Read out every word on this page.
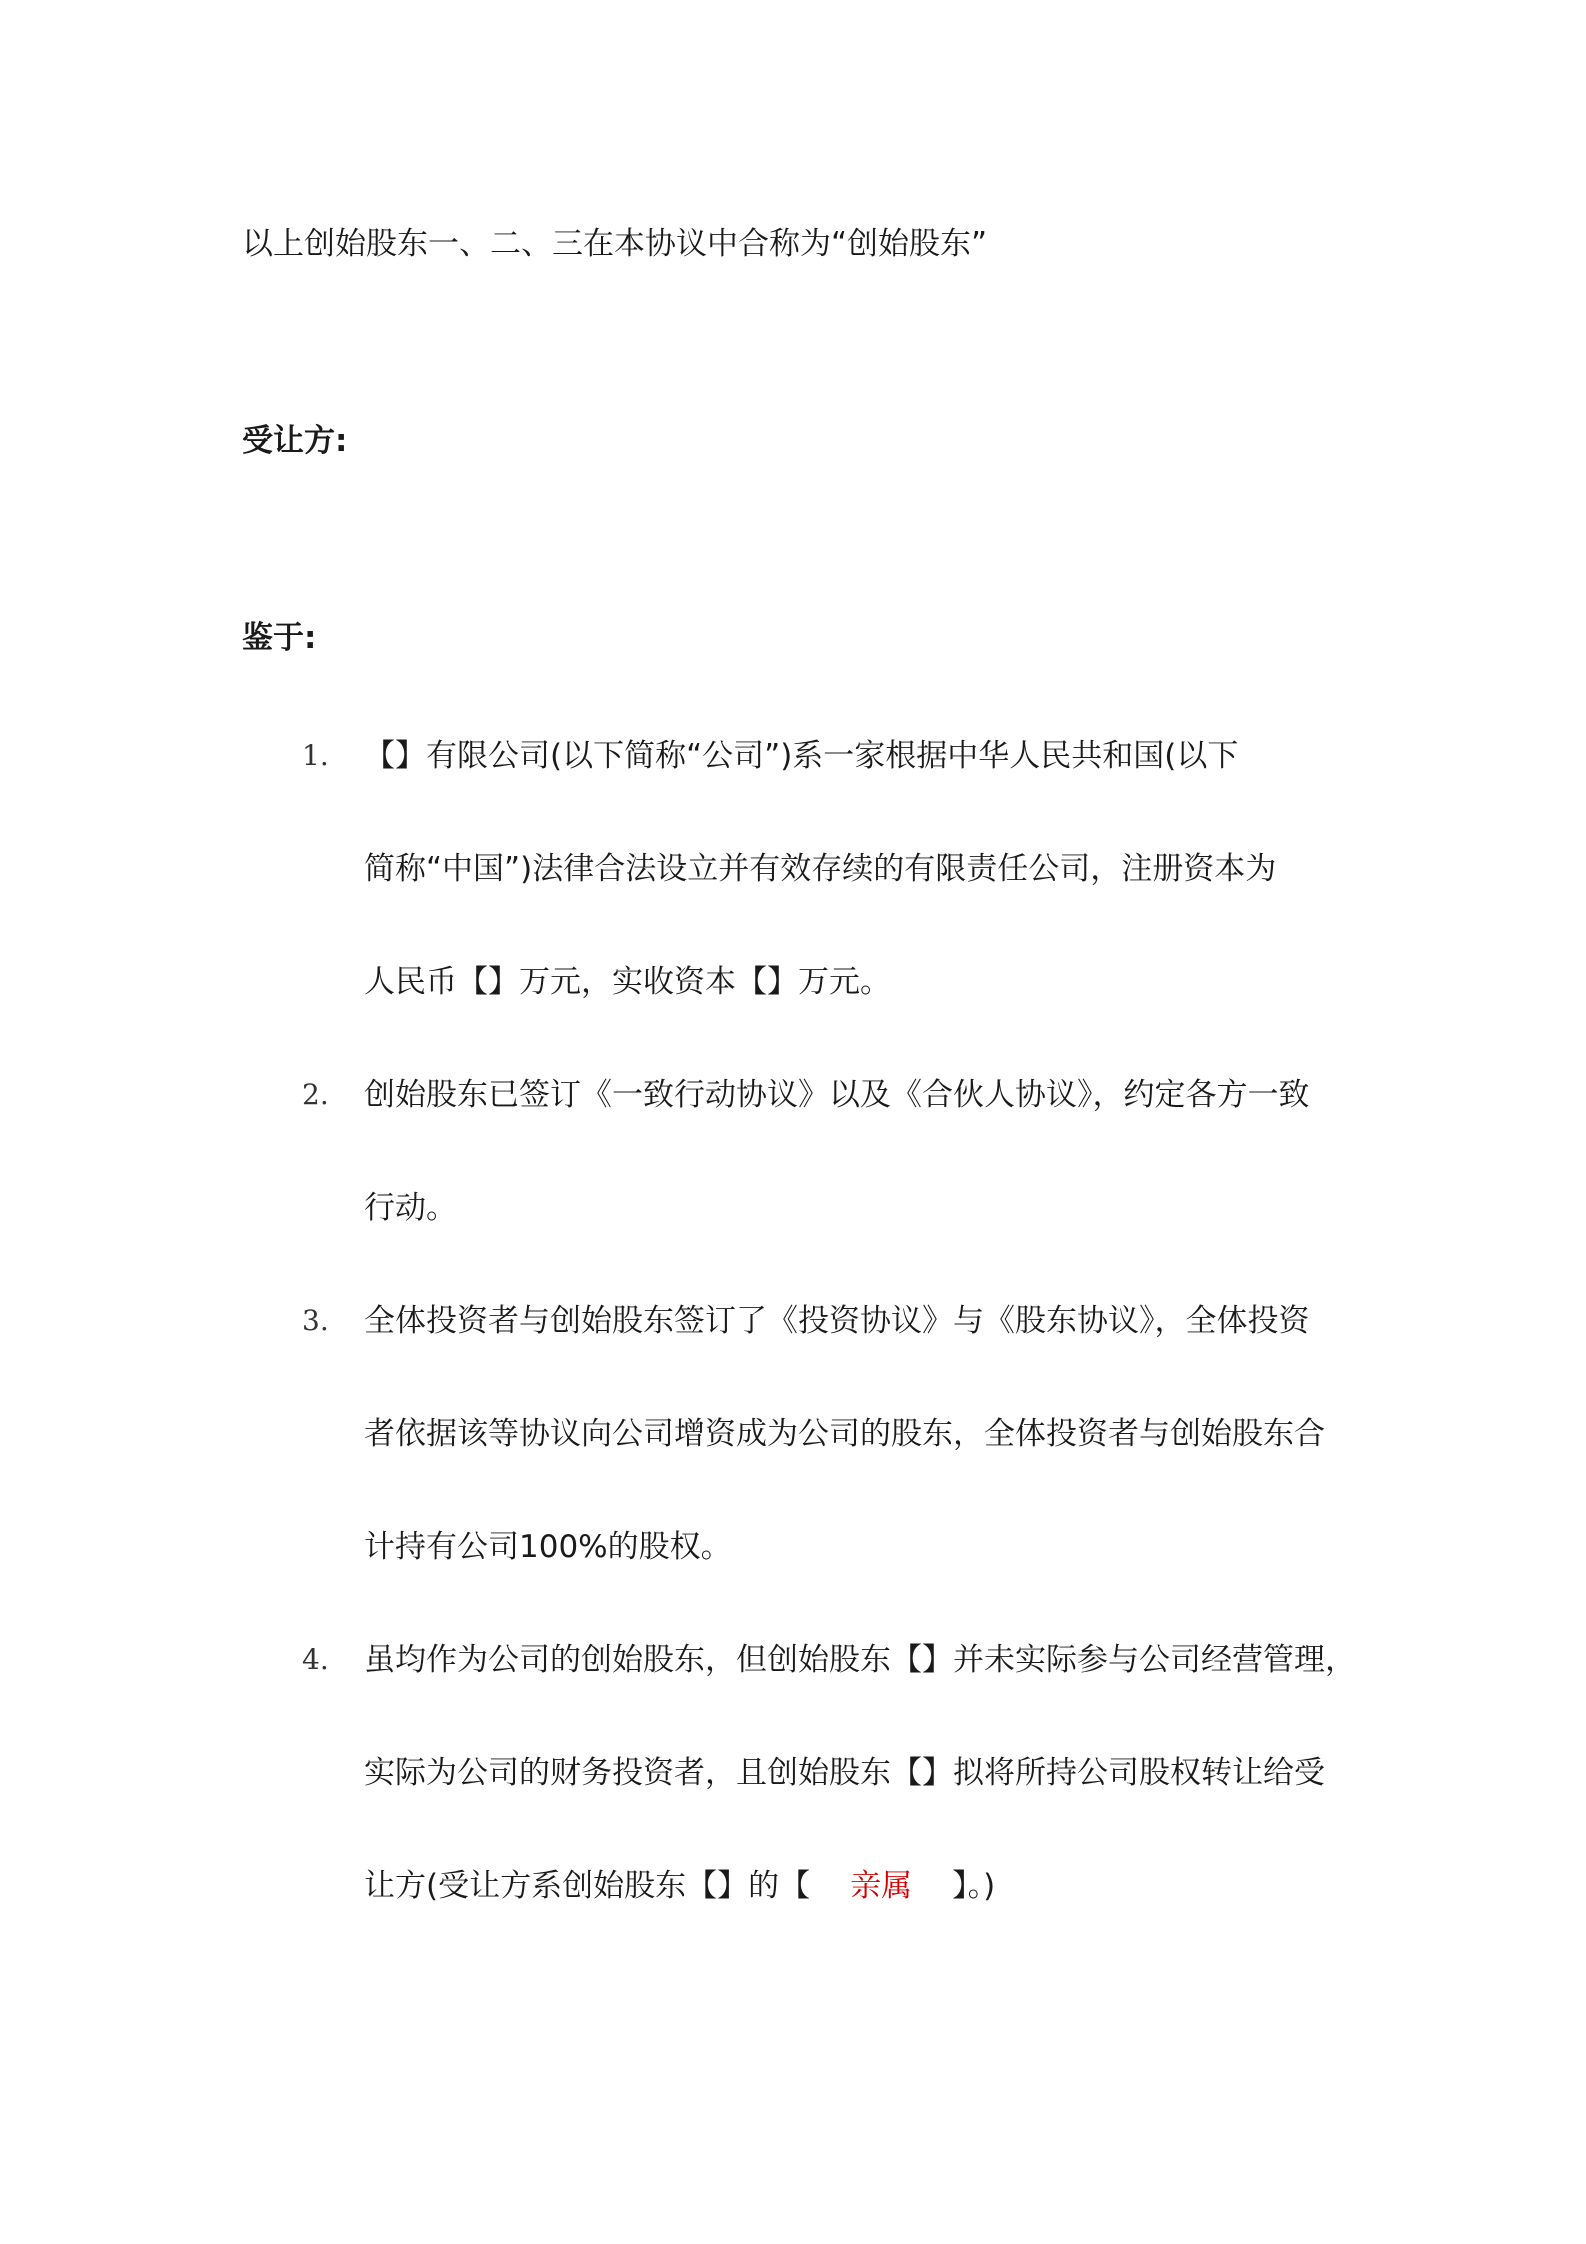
以上创始股东一、二、三在本协议中合称为“创始股东”
受让方:
鉴于:
1. 【】有限公司(以下简称“公司”)系一家根据中华人民共和国(以下
简称“中国”)法律合法设立并有效存续的有限责任公司，注册资本为
人民币【】万元，实收资本【】万元。
2. 创始股东已签订《一致行动协议》以及《合伙人协议》，约定各方一致
行动。
3. 全体投资者与创始股东签订了《投资协议》与《股东协议》，全体投资
者依据该等协议向公司增资成为公司的股东，全体投资者与创始股东合
计持有公司100%的股权。
4. 虽均作为公司的创始股东，但创始股东【】并未实际参与公司经营管理，
实际为公司的财务投资者，且创始股东【】拟将所持公司股权转让给受
让方(受让方系创始股东【】的【 亲属 】。)
